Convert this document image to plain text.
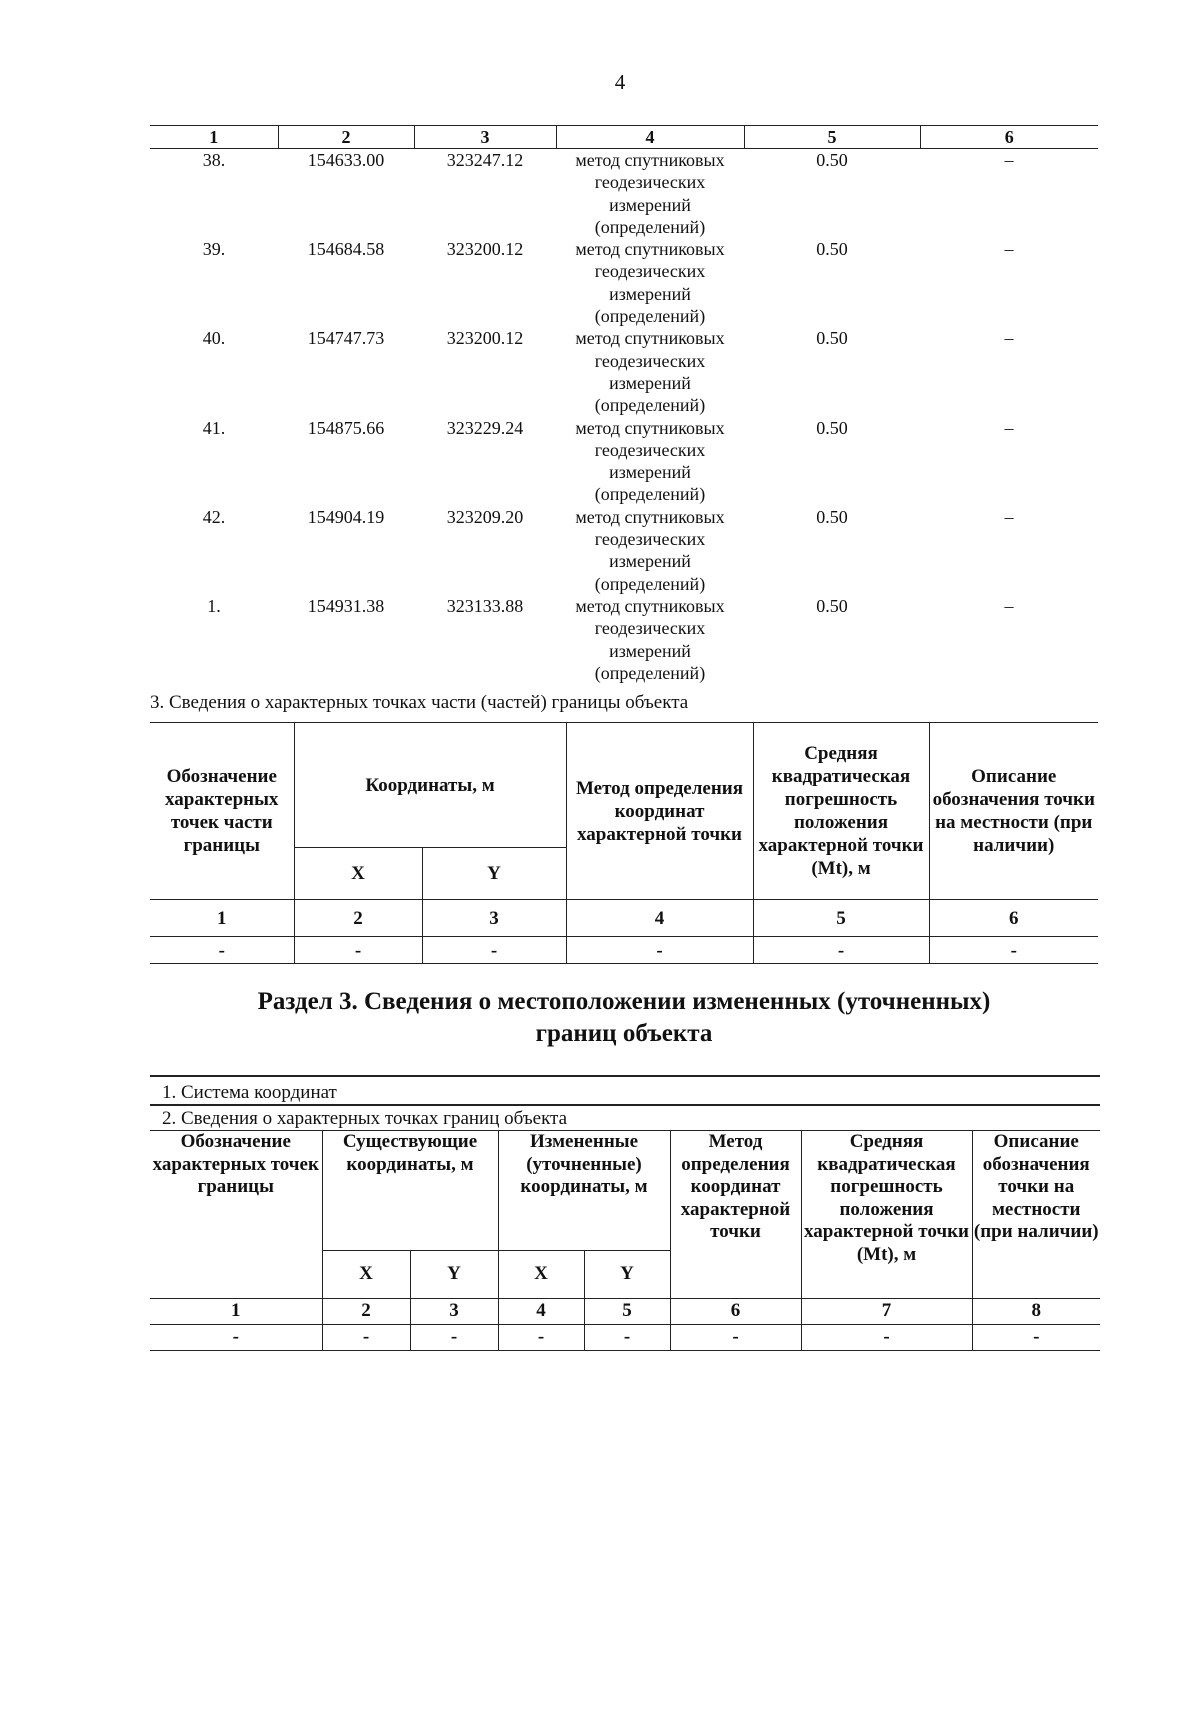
4
1	2	3	4	5	6
38.	154633.00	323247.12	метод спутниковых
геодезических
измерений
(определений)	0.50	–
39.	154684.58	323200.12	метод спутниковых
геодезических
измерений
(определений)	0.50	–
40.	154747.73	323200.12	метод спутниковых
геодезических
измерений
(определений)	0.50	–
41.	154875.66	323229.24	метод спутниковых
геодезических
измерений
(определений)	0.50	–
42.	154904.19	323209.20	метод спутниковых
геодезических
измерений
(определений)	0.50	–
1.	154931.38	323133.88	метод спутниковых
геодезических
измерений
(определений)	0.50	–
3. Сведения о характерных точках части (частей) границы объекта
Обозначение характерных точек части границы	Координаты, м		Метод определения координат характерной точки	Средняя квадратическая погрешность положения характерной точки (Mt), м	Описание обозначения точки на местности (при наличии)
	X	Y			
1	2	3	4	5	6
-	-	-	-	-	-
Раздел 3. Сведения о местоположении измененных (уточненных)
границ объекта
1. Система координат
2. Сведения о характерных точках границ объекта
Обозначение характерных точек границы	Существующие координаты, м		Измененные (уточненные) координаты, м		Метод определения координат характерной точки	Средняя квадратическая погрешность положения характерной точки (Mt), м	Описание обозначения точки на местности (при наличии)
	X	Y	X	Y			
1	2	3	4	5	6	7	8
-	-	-	-	-	-	-	-
